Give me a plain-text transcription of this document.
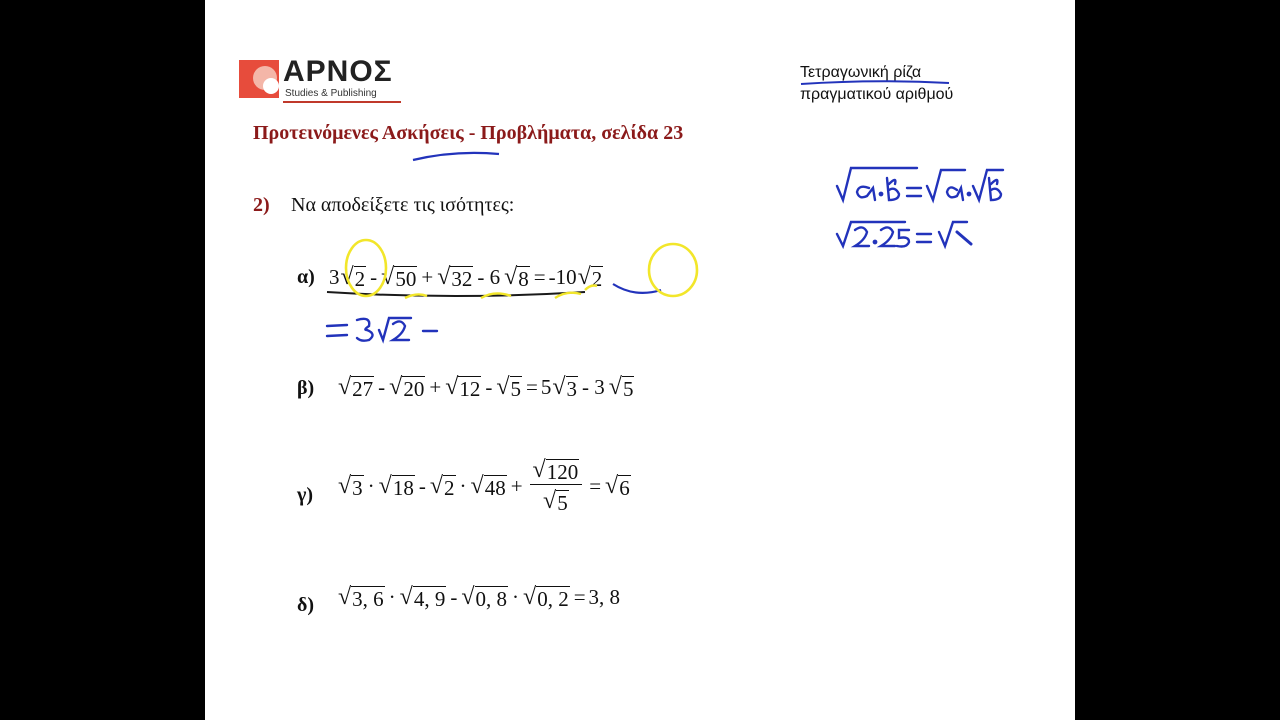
ΑΡΝΟΣ
Studies & Publishing
Τετραγωνική ρίζα
πραγματικού αριθμού
Προτεινόμενες Ασκήσεις - Προβλήματα, σελίδα 23
2) Να αποδείξετε τις ισότητες:
α) 3 √ 2 - √ 50 + √ 32 - 6 √ 8 = -10 √ 2
β) √ 27 - √ 20 + √ 12 - √ 5 = 5 √ 3 - 3 √ 5
γ) √ 3 · √ 18 - √ 2 · √ $48 + \frac{√ 120}{√ 5}$ = √ 6
δ) √ 3, 6 · √ 4, 9 - √ 0, 8 · √ 0, 2 = 3, 8
